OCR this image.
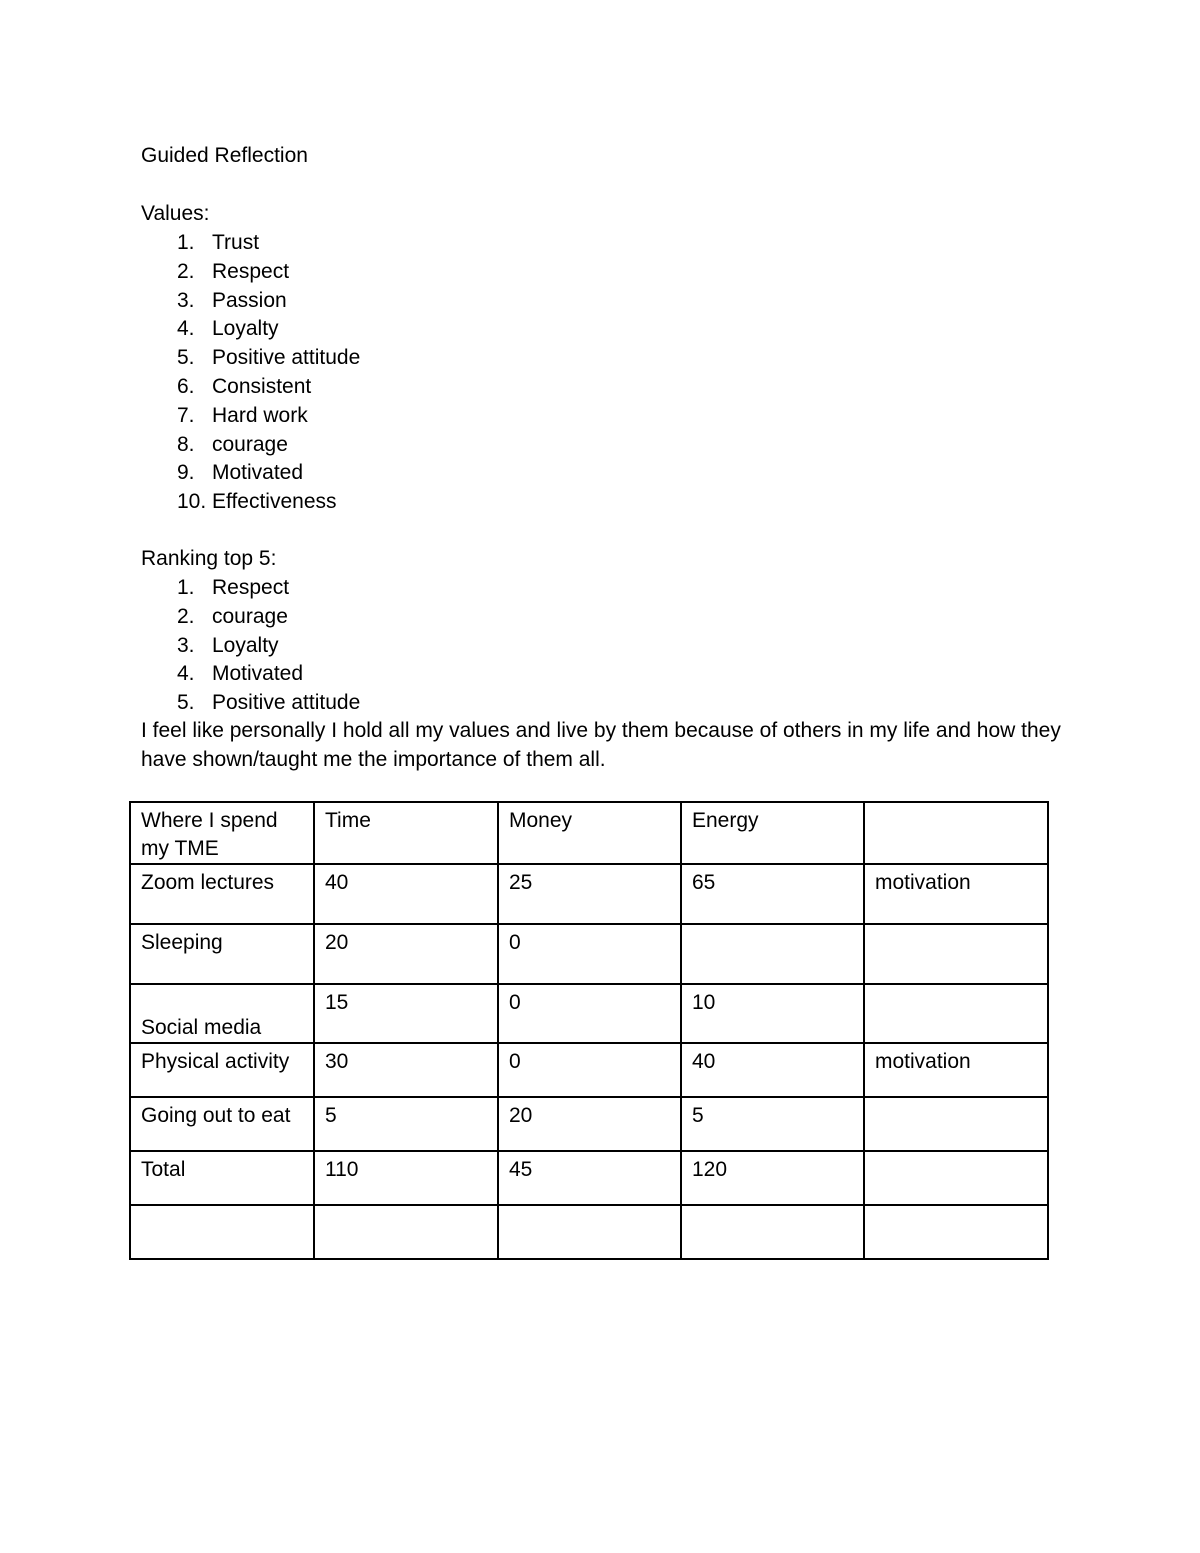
Guided Reflection
Values:
1. Trust
2. Respect
3. Passion
4. Loyalty
5. Positive attitude
6. Consistent
7. Hard work
8. courage
9. Motivated
10. Effectiveness
Ranking top 5:
1. Respect
2. courage
3. Loyalty
4. Motivated
5. Positive attitude
I feel like personally I hold all my values and live by them because of others in my life and how they have shown/taught me the importance of them all.
Where I spend my TME	Time	Money	Energy	
Zoom lectures	40	25	65	motivation
Sleeping	20	0		
Social media	15	0	10	
Physical activity	30	0	40	motivation
Going out to eat	5	20	5	
Total	110	45	120	
